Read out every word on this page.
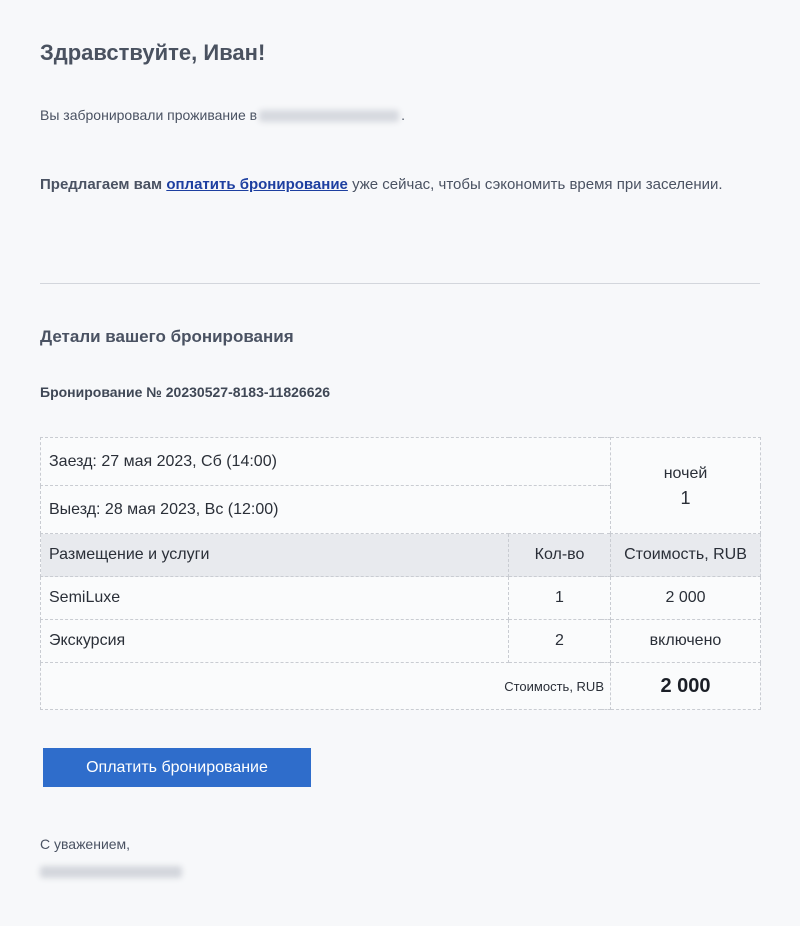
Здравствуйте, Иван!
Вы забронировали проживание в	.
Предлагаем вам оплатить бронирование уже сейчас, чтобы сэкономить время при заселении.
Детали вашего бронирования
Бронирование № 20230527-8183-11826626
Заезд: 27 мая 2023, Сб (14:00)		ночей
1

Выезд: 28 мая 2023, Вс (12:00)		
Размещение и услуги	Кол-во	Стоимость, RUB
SemiLuxe	1	2 000
Экскурсия	2	включено
Стоимость, RUB		2 000
Оплатить бронирование
С уважением,
